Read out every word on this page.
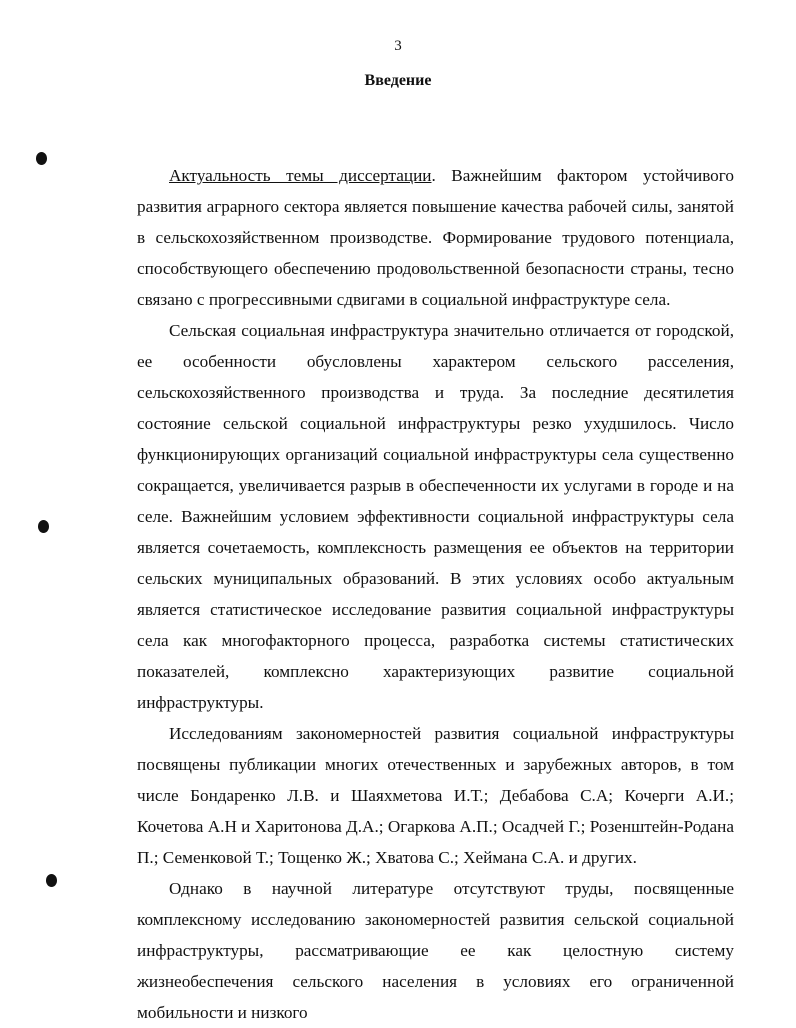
3
Введение

Актуальность темы диссертации. Важнейшим фактором устойчивого развития аграрного сектора является повышение качества рабочей силы, занятой в сельскохозяйственном производстве. Формирование трудового потенциала, способствующего обеспечению продовольственной безопасности страны, тесно связано с прогрессивными сдвигами в социальной инфраструктуре села.

Сельская социальная инфраструктура значительно отличается от городской, ее особенности обусловлены характером сельского расселения, сельскохозяйственного производства и труда. За последние десятилетия состояние сельской социальной инфраструктуры резко ухудшилось. Число функционирующих организаций социальной инфраструктуры села существенно сокращается, увеличивается разрыв в обеспеченности их услугами в городе и на селе. Важнейшим условием эффективности социальной инфраструктуры села является сочетаемость, комплексность размещения ее объектов на территории сельских муниципальных образований. В этих условиях особо актуальным является статистическое исследование развития социальной инфраструктуры села как многофакторного процесса, разработка системы статистических показателей, комплексно характеризующих развитие социальной инфраструктуры.

Исследованиям закономерностей развития социальной инфраструктуры посвящены публикации многих отечественных и зарубежных авторов, в том числе Бондаренко Л.В. и Шаяхметова И.Т.; Дебабова С.А; Кочерги А.И.; Кочетова А.Н и Харитонова Д.А.; Огаркова А.П.; Осадчей Г.; Розенштейн-Родана П.; Семенковой Т.; Тощенко Ж.; Хватова С.; Хеймана С.А. и других.

Однако в научной литературе отсутствуют труды, посвященные комплексному исследованию закономерностей развития сельской социальной инфраструктуры, рассматривающие ее как целостную систему жизнеобеспечения сельского населения в условиях его ограниченной мобильности и низкого
